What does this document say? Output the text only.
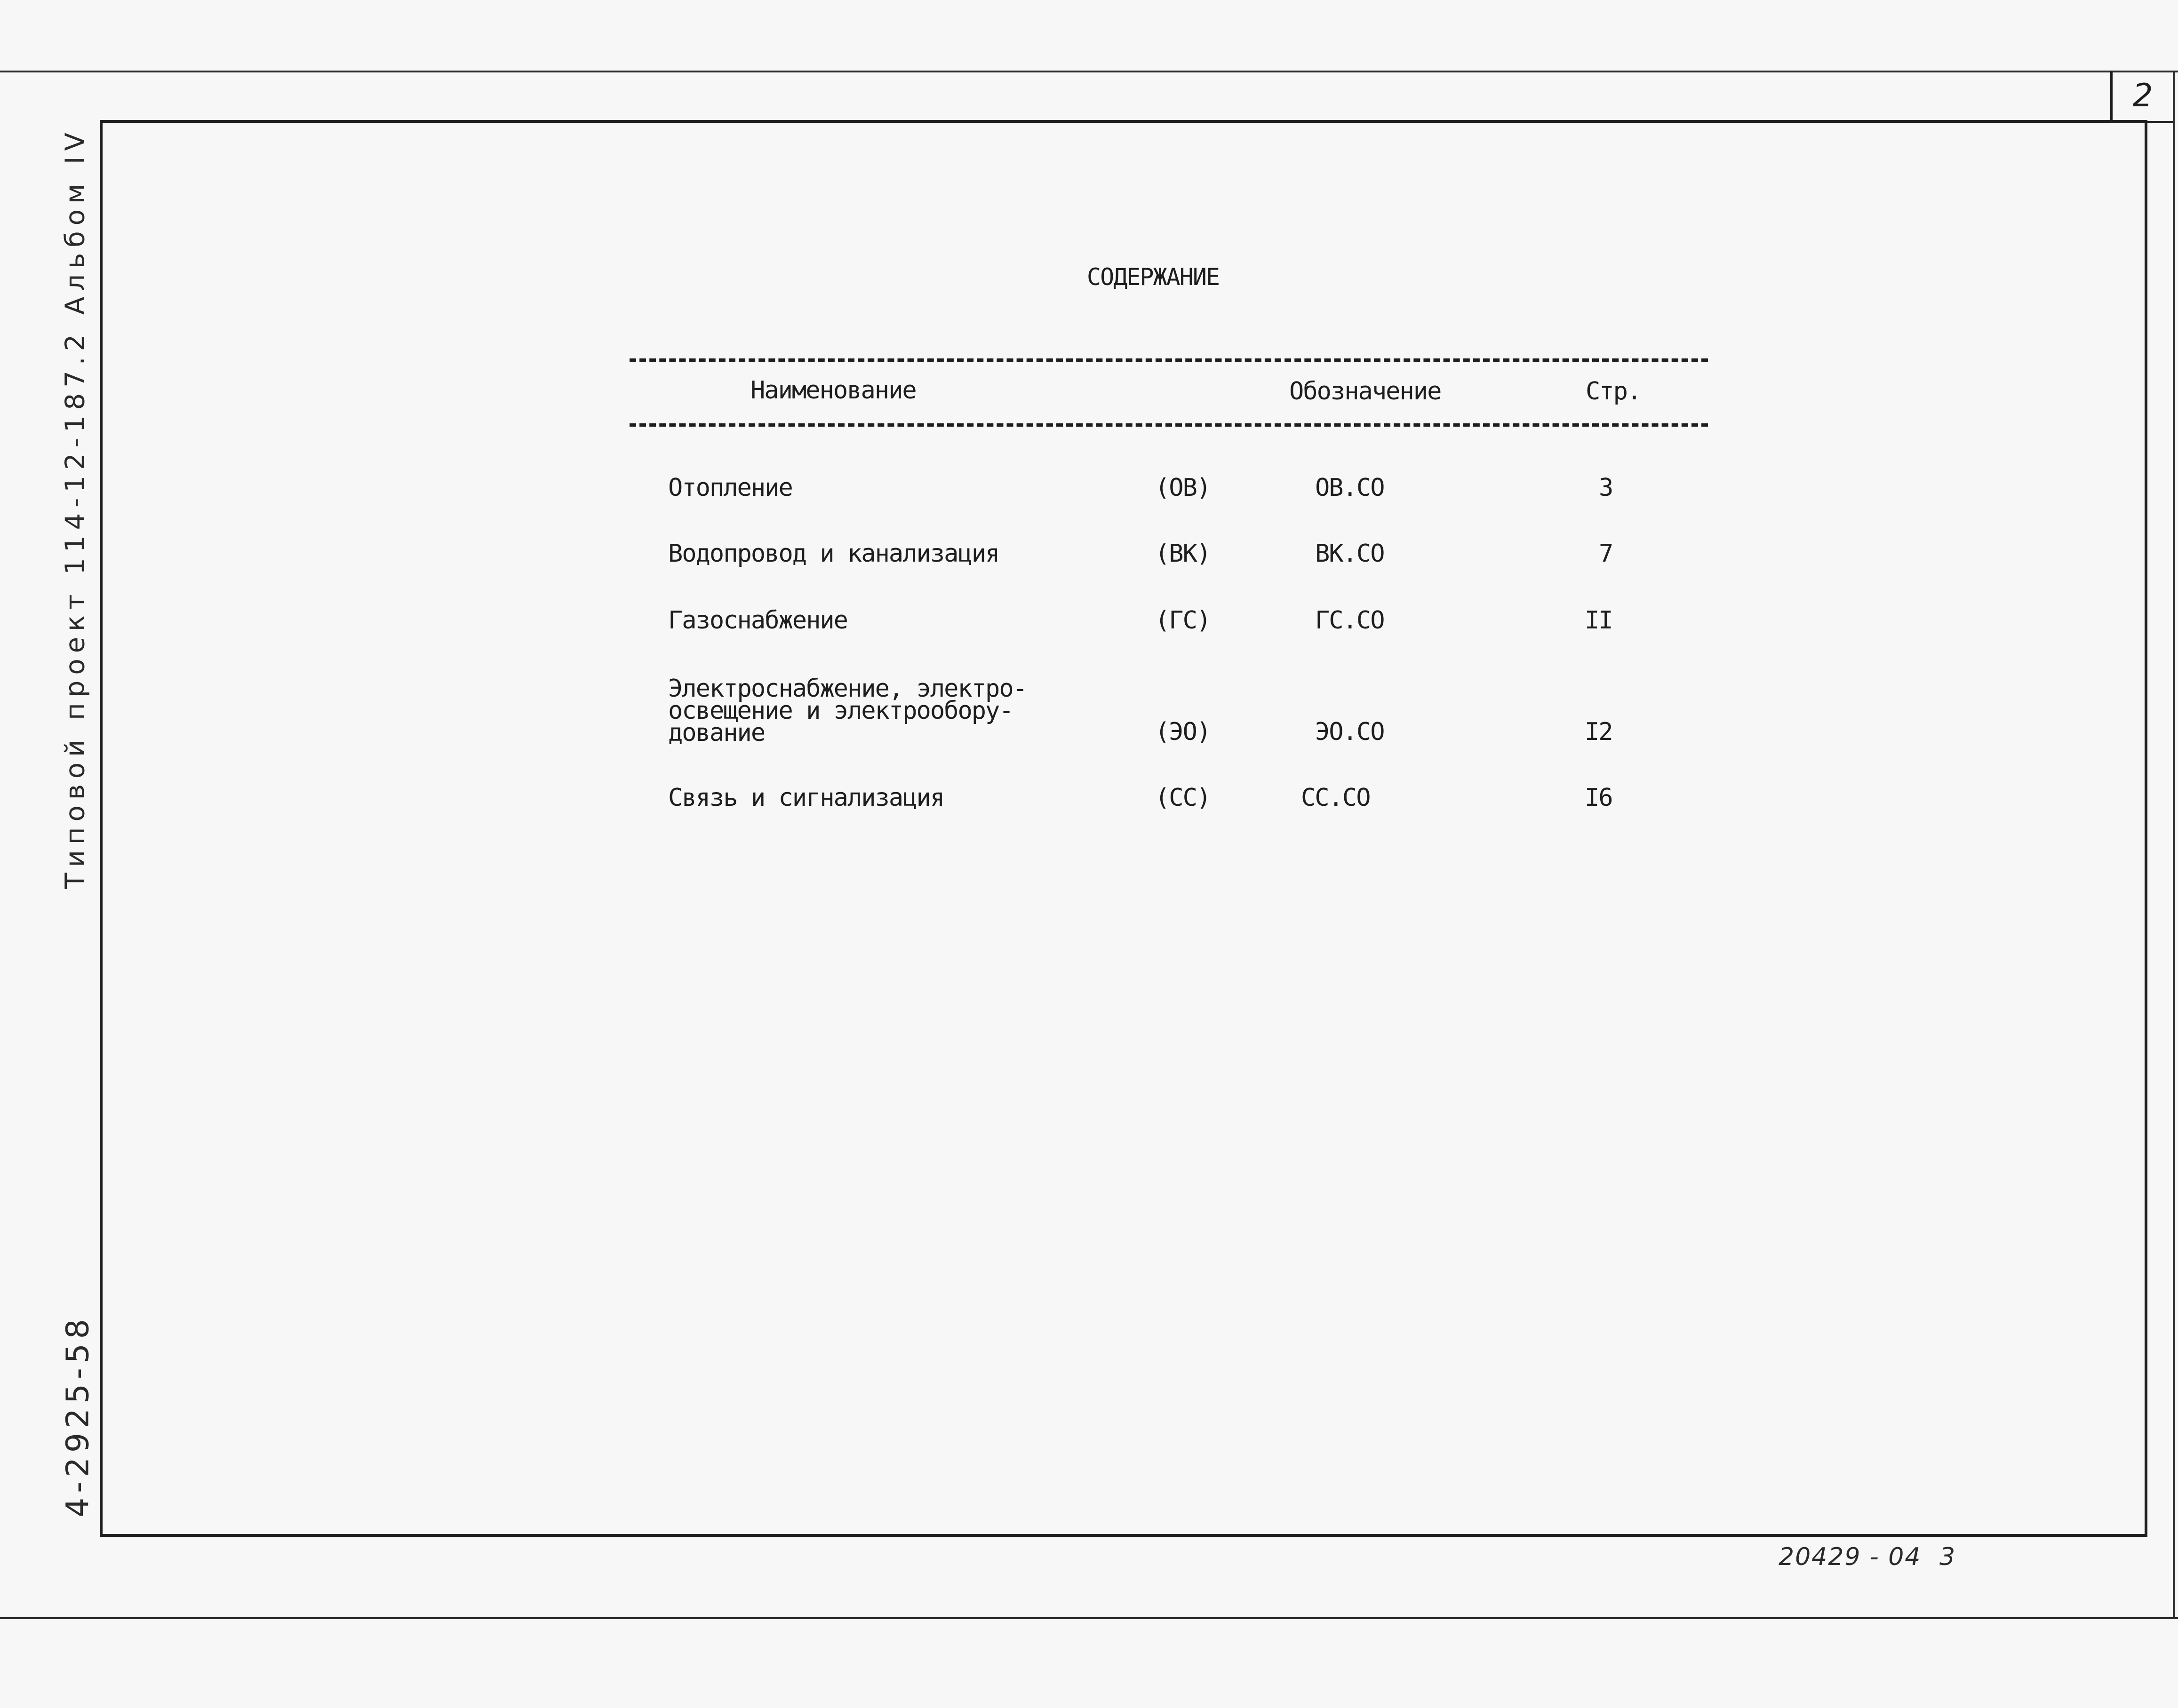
2
Типовой проект 114-12-187.2 Альбом IV
4-2925-58
СОДЕРЖАНИЕ
Наименование	Обозначение	Стр.
Отопление	(ОВ)	ОВ.СО	3
Водопровод и канализация	(ВК)	ВК.СО	7
Газоснабжение	(ГС)	ГС.СО	II
Электроснабжение, электро-
освещение и электрообору-
дование	(ЭО)	ЭО.СО	I2
Связь и сигнализация	(СС)	СС.СО	I6
20429 - 04 3
